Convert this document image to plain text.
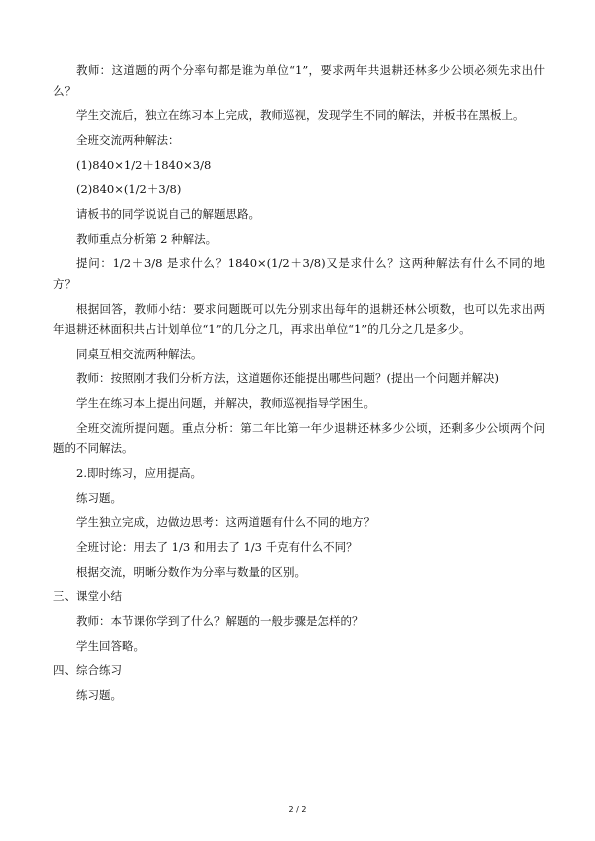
教师：这道题的两个分率句都是谁为单位“1”，要求两年共退耕还林多少公顷必须先求出什么？

学生交流后，独立在练习本上完成，教师巡视，发现学生不同的解法，并板书在黑板上。

全班交流两种解法：

(1)840×1/2＋1840×3/8

(2)840×(1/2＋3/8)

请板书的同学说说自己的解题思路。

教师重点分析第 2 种解法。

提问：1/2＋3/8 是求什么？1840×(1/2＋3/8)又是求什么？这两种解法有什么不同的地方？

根据回答，教师小结：要求问题既可以先分别求出每年的退耕还林公顷数，也可以先求出两年退耕还林面积共占计划单位“1”的几分之几，再求出单位“1”的几分之几是多少。

同桌互相交流两种解法。

教师：按照刚才我们分析方法，这道题你还能提出哪些问题？(提出一个问题并解决)

学生在练习本上提出问题，并解决，教师巡视指导学困生。

全班交流所提问题。重点分析：第二年比第一年少退耕还林多少公顷，还剩多少公顷两个问题的不同解法。

2.即时练习，应用提高。

练习题。

学生独立完成，边做边思考：这两道题有什么不同的地方？

全班讨论：用去了 1/3 和用去了 1/3 千克有什么不同？

根据交流，明晰分数作为分率与数量的区别。

三、课堂小结

教师：本节课你学到了什么？解题的一般步骤是怎样的？

学生回答略。

四、综合练习

练习题。

2 / 2
